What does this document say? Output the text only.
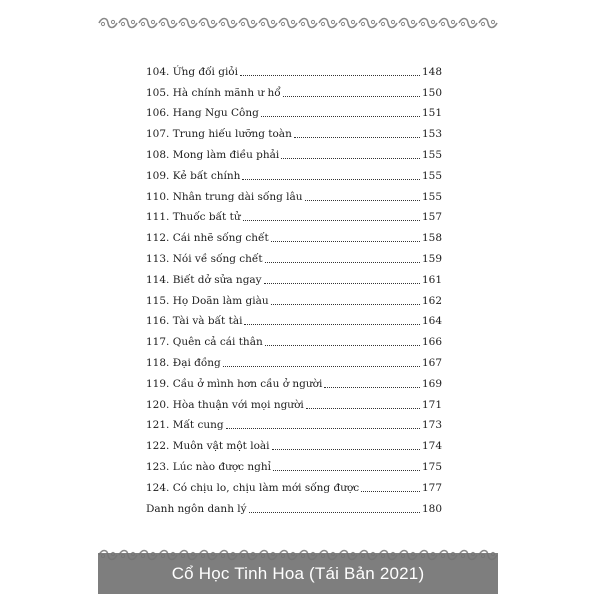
104. Ứng đối giỏi	148
105. Hà chính mãnh ư hổ	150
106. Hang Ngu Công	151
107. Trung hiếu lưỡng toàn	153
108. Mong làm điều phải	155
109. Kẻ bất chính	155
110. Nhân trung dài sống lâu	155
111. Thuốc bất tử	157
112. Cái nhẽ sống chết	158
113. Nói về sống chết	159
114. Biết dở sửa ngay	161
115. Họ Doãn làm giàu	162
116. Tài và bất tài	164
117. Quên cả cái thân	166
118. Đại đồng	167
119. Cầu ở mình hơn cầu ở người	169
120. Hòa thuận với mọi người	171
121. Mất cung	173
122. Muôn vật một loài	174
123. Lúc nào được nghỉ	175
124. Có chịu lo, chịu làm mới sống được	177
Danh ngôn danh lý	180
Cổ Học Tinh Hoa (Tái Bản 2021)
